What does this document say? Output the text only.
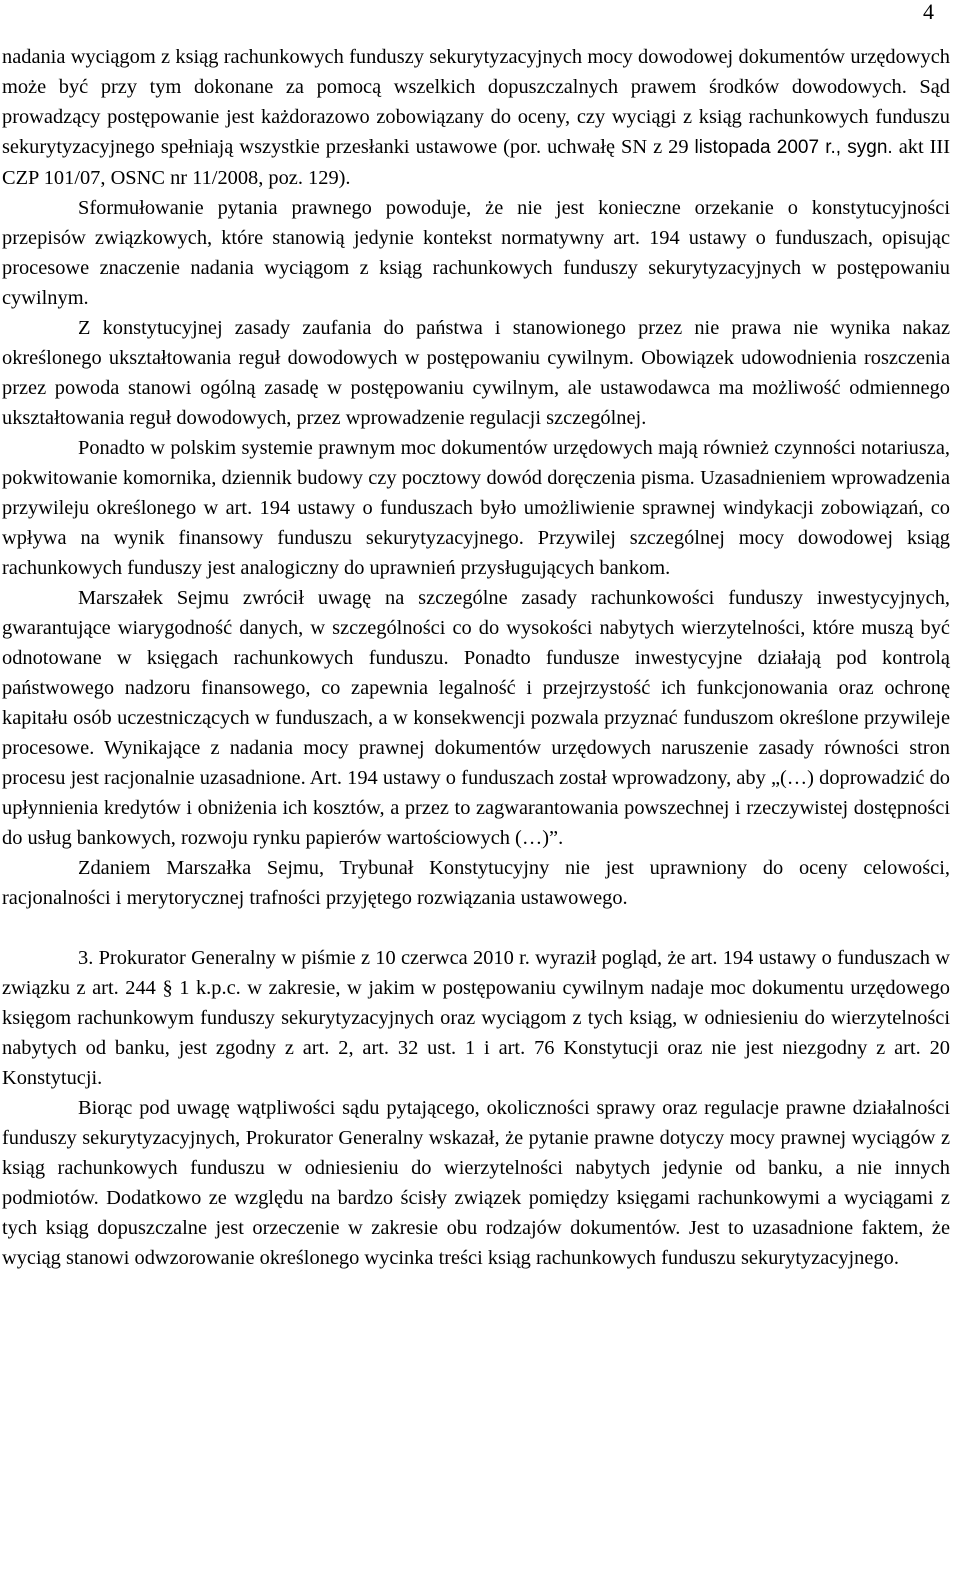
4

nadania wyciągom z ksiąg rachunkowych funduszy sekurytyzacyjnych mocy dowodowej dokumentów urzędowych może być przy tym dokonane za pomocą wszelkich dopuszczalnych prawem środków dowodowych. Sąd prowadzący postępowanie jest każdorazowo zobowiązany do oceny, czy wyciągi z ksiąg rachunkowych funduszu sekurytyzacyjnego spełniają wszystkie przesłanki ustawowe (por. uchwałę SN z 29 listopada 2007 r., sygn. akt III CZP 101/07, OSNC nr 11/2008, poz. 129).

Sformułowanie pytania prawnego powoduje, że nie jest konieczne orzekanie o konstytucyjności przepisów związkowych, które stanowią jedynie kontekst normatywny art. 194 ustawy o funduszach, opisując procesowe znaczenie nadania wyciągom z ksiąg rachunkowych funduszy sekurytyzacyjnych w postępowaniu cywilnym.

Z konstytucyjnej zasady zaufania do państwa i stanowionego przez nie prawa nie wynika nakaz określonego ukształtowania reguł dowodowych w postępowaniu cywilnym. Obowiązek udowodnienia roszczenia przez powoda stanowi ogólną zasadę w postępowaniu cywilnym, ale ustawodawca ma możliwość odmiennego ukształtowania reguł dowodowych, przez wprowadzenie regulacji szczególnej.

Ponadto w polskim systemie prawnym moc dokumentów urzędowych mają również czynności notariusza, pokwitowanie komornika, dziennik budowy czy pocztowy dowód doręczenia pisma. Uzasadnieniem wprowadzenia przywileju określonego w art. 194 ustawy o funduszach było umożliwienie sprawnej windykacji zobowiązań, co wpływa na wynik finansowy funduszu sekurytyzacyjnego. Przywilej szczególnej mocy dowodowej ksiąg rachunkowych funduszy jest analogiczny do uprawnień przysługujących bankom.

Marszałek Sejmu zwrócił uwagę na szczególne zasady rachunkowości funduszy inwestycyjnych, gwarantujące wiarygodność danych, w szczególności co do wysokości nabytych wierzytelności, które muszą być odnotowane w księgach rachunkowych funduszu. Ponadto fundusze inwestycyjne działają pod kontrolą państwowego nadzoru finansowego, co zapewnia legalność i przejrzystość ich funkcjonowania oraz ochronę kapitału osób uczestniczących w funduszach, a w konsekwencji pozwala przyznać funduszom określone przywileje procesowe. Wynikające z nadania mocy prawnej dokumentów urzędowych naruszenie zasady równości stron procesu jest racjonalnie uzasadnione. Art. 194 ustawy o funduszach został wprowadzony, aby „(…) doprowadzić do upłynnienia kredytów i obniżenia ich kosztów, a przez to zagwarantowania powszechnej i rzeczywistej dostępności do usług bankowych, rozwoju rynku papierów wartościowych (…)”.

Zdaniem Marszałka Sejmu, Trybunał Konstytucyjny nie jest uprawniony do oceny celowości, racjonalności i merytorycznej trafności przyjętego rozwiązania ustawowego.

3. Prokurator Generalny w piśmie z 10 czerwca 2010 r. wyraził pogląd, że art. 194 ustawy o funduszach w związku z art. 244 § 1 k.p.c. w zakresie, w jakim w postępowaniu cywilnym nadaje moc dokumentu urzędowego księgom rachunkowym funduszy sekurytyzacyjnych oraz wyciągom z tych ksiąg, w odniesieniu do wierzytelności nabytych od banku, jest zgodny z art. 2, art. 32 ust. 1 i art. 76 Konstytucji oraz nie jest niezgodny z art. 20 Konstytucji.

Biorąc pod uwagę wątpliwości sądu pytającego, okoliczności sprawy oraz regulacje prawne działalności funduszy sekurytyzacyjnych, Prokurator Generalny wskazał, że pytanie prawne dotyczy mocy prawnej wyciągów z ksiąg rachunkowych funduszu w odniesieniu do wierzytelności nabytych jedynie od banku, a nie innych podmiotów. Dodatkowo ze względu na bardzo ścisły związek pomiędzy księgami rachunkowymi a wyciągami z tych ksiąg dopuszczalne jest orzeczenie w zakresie obu rodzajów dokumentów. Jest to uzasadnione faktem, że wyciąg stanowi odwzorowanie określonego wycinka treści ksiąg rachunkowych funduszu sekurytyzacyjnego.
